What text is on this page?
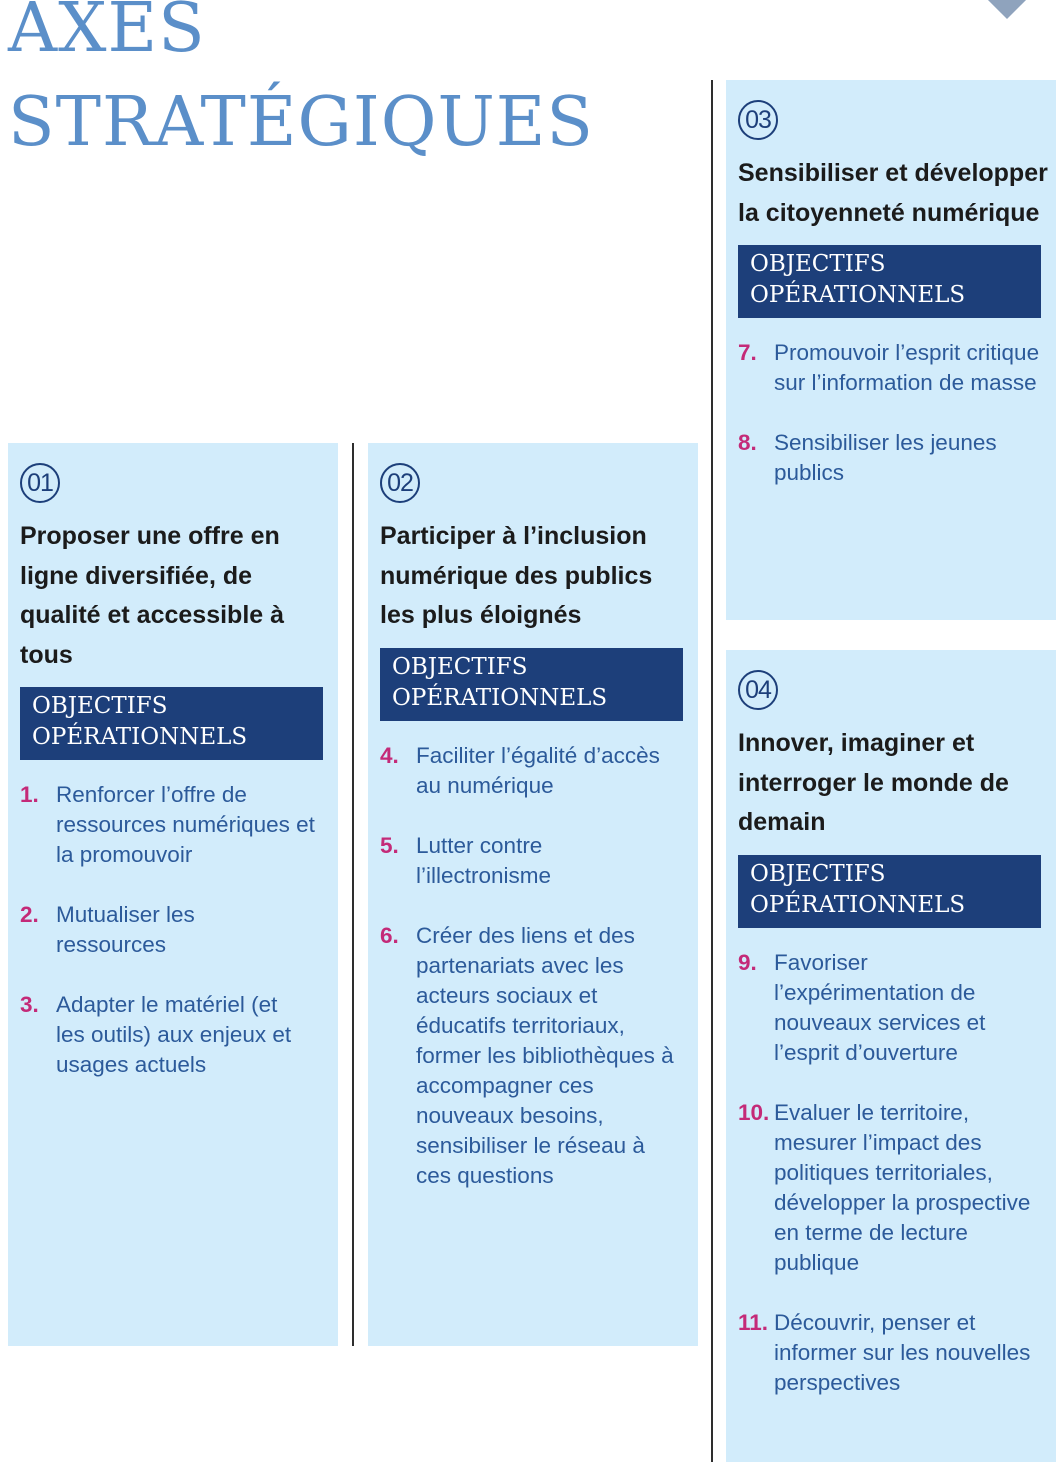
AXES
STRATÉGIQUES
01
Proposer une offre en ligne diversifiée, de qualité et accessible à tous
OBJECTIFS
OPÉRATIONNELS
1. Renforcer l’offre de ressources numériques et la promouvoir
2. Mutualiser les ressources
3. Adapter le matériel (et les outils) aux enjeux et usages actuels
02
Participer à l’inclusion numérique des publics les plus éloignés
OBJECTIFS
OPÉRATIONNELS
4. Faciliter l’égalité d’accès au numérique
5. Lutter contre l’illectronisme
6. Créer des liens et des partenariats avec les acteurs sociaux et éducatifs territoriaux, former les bibliothèques à accompagner ces nouveaux besoins, sensibiliser le réseau à ces questions
03
Sensibiliser et développer la citoyenneté numérique
OBJECTIFS
OPÉRATIONNELS
7. Promouvoir l’esprit critique sur l’information de masse
8. Sensibiliser les jeunes publics
04
Innover, imaginer et interroger le monde de demain
OBJECTIFS
OPÉRATIONNELS
9. Favoriser l’expérimentation de nouveaux services et l’esprit d’ouverture
10. Evaluer le territoire, mesurer l’impact des politiques territoriales, développer la prospective en terme de lecture publique
11. Découvrir, penser et informer sur les nouvelles perspectives
